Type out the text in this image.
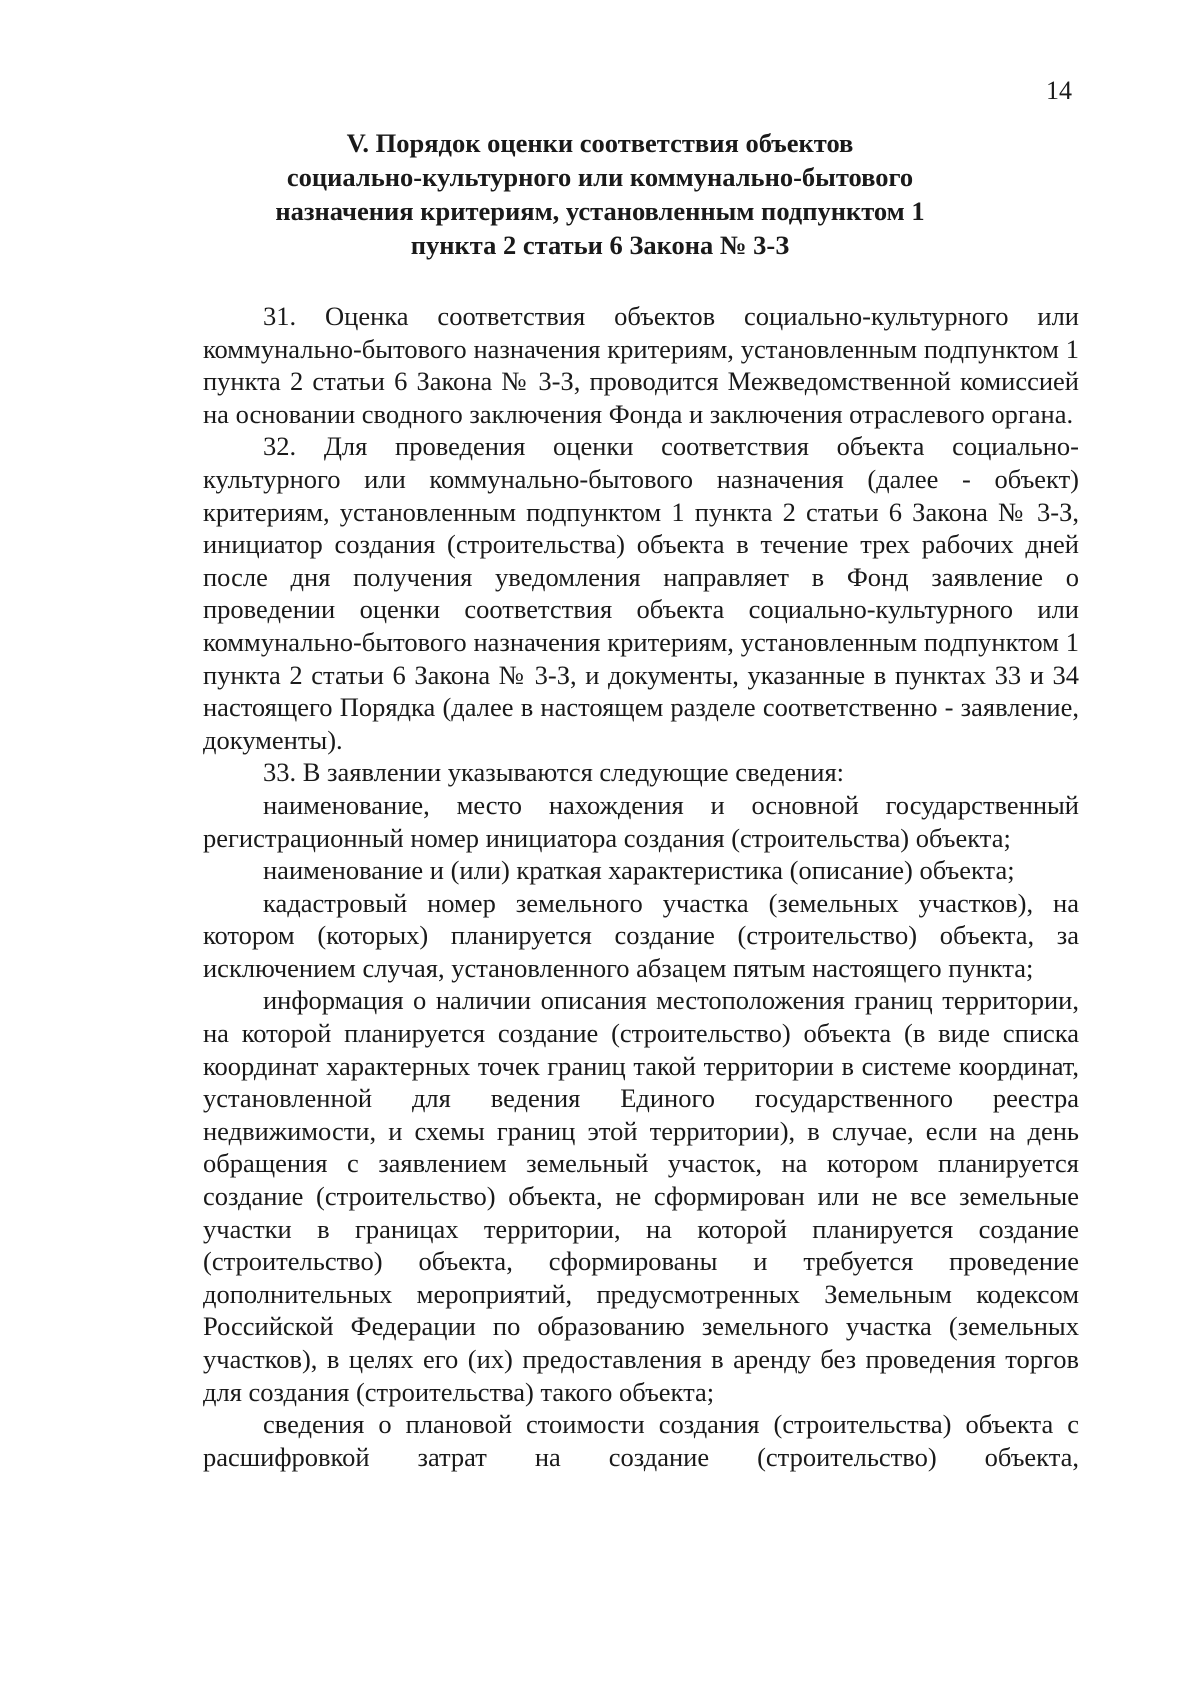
14
V. Порядок оценки соответствия объектов
социально-культурного или коммунально-бытового
назначения критериям, установленным подпунктом 1
пункта 2 статьи 6 Закона № 3-З

31. Оценка соответствия объектов социально-культурного или коммунально-бытового назначения критериям, установленным подпунктом 1 пункта 2 статьи 6 Закона № 3-З, проводится Межведомственной комиссией на основании сводного заключения Фонда и заключения отраслевого органа.

32. Для проведения оценки соответствия объекта социально-культурного или коммунально-бытового назначения (далее - объект) критериям, установленным подпунктом 1 пункта 2 статьи 6 Закона № 3-З, инициатор создания (строительства) объекта в течение трех рабочих дней после дня получения уведомления направляет в Фонд заявление о проведении оценки соответствия объекта социально-культурного или коммунально-бытового назначения критериям, установленным подпунктом 1 пункта 2 статьи 6 Закона № 3-З, и документы, указанные в пунктах 33 и 34 настоящего Порядка (далее в настоящем разделе соответственно - заявление, документы).

33. В заявлении указываются следующие сведения:

наименование, место нахождения и основной государственный регистрационный номер инициатора создания (строительства) объекта;

наименование и (или) краткая характеристика (описание) объекта;

кадастровый номер земельного участка (земельных участков), на котором (которых) планируется создание (строительство) объекта, за исключением случая, установленного абзацем пятым настоящего пункта;

информация о наличии описания местоположения границ территории, на которой планируется создание (строительство) объекта (в виде списка координат характерных точек границ такой территории в системе координат, установленной для ведения Единого государственного реестра недвижимости, и схемы границ этой территории), в случае, если на день обращения с заявлением земельный участок, на котором планируется создание (строительство) объекта, не сформирован или не все земельные участки в границах территории, на которой планируется создание (строительство) объекта, сформированы и требуется проведение дополнительных мероприятий, предусмотренных Земельным кодексом Российской Федерации по образованию земельного участка (земельных участков), в целях его (их) предоставления в аренду без проведения торгов для создания (строительства) такого объекта;

сведения о плановой стоимости создания (строительства) объекта с расшифровкой затрат на создание (строительство) объекта,
